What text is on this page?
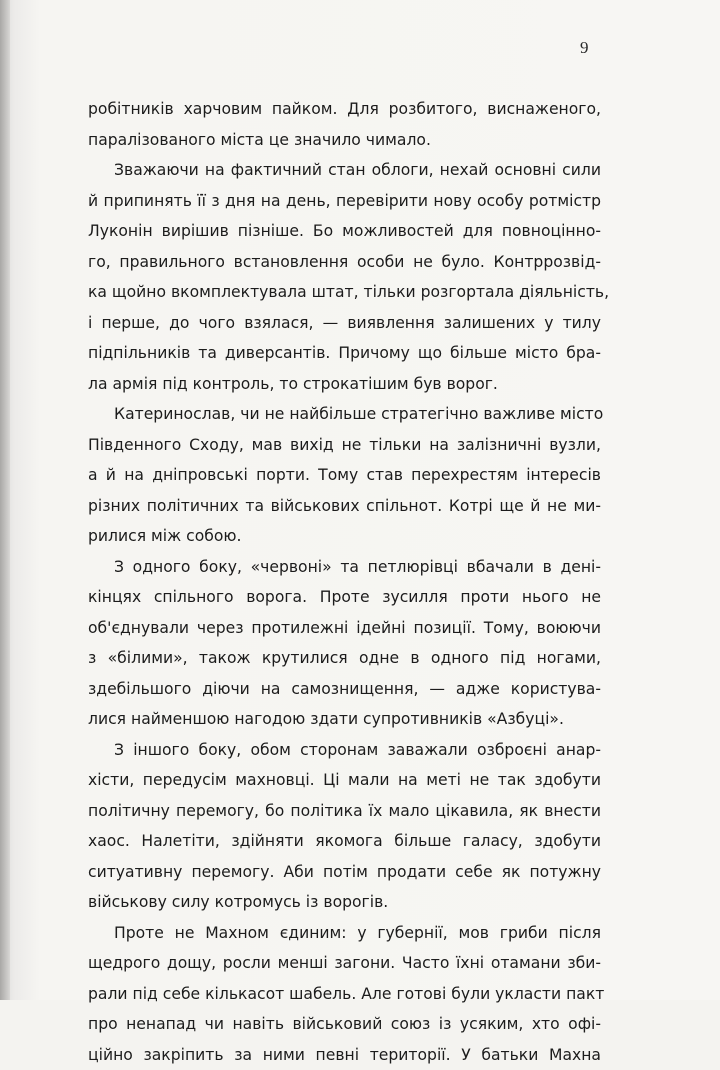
9
робітників харчовим пайком. Для розбитого, виснаженого,
паралізованого міста це значило чимало.
Зважаючи на фактичний стан облоги, нехай основні сили
й припинять її з дня на день, перевірити нову особу ротмістр
Луконін вирішив пізніше. Бо можливостей для повноцінно-
го, правильного встановлення особи не було. Контррозвід-
ка щойно вкомплектувала штат, тільки розгортала діяльність,
і перше, до чого взялася, — виявлення залишених у тилу
підпільників та диверсантів. Причому що більше місто бра-
ла армія під контроль, то строкатішим був ворог.
Катеринослав, чи не найбільше стратегічно важливе місто
Південного Сходу, мав вихід не тільки на залізничні вузли,
а й на дніпровські порти. Тому став перехрестям інтересів
різних політичних та військових спільнот. Котрі ще й не ми-
рилися між собою.
З одного боку, «червоні» та петлюрівці вбачали в дені-
кінцях спільного ворога. Проте зусилля проти нього не
об'єднували через протилежні ідейні позиції. Тому, воюючи
з «білими», також крутилися одне в одного під ногами,
здебільшого діючи на самознищення, — адже користува-
лися найменшою нагодою здати супротивників «Азбуці».
З іншого боку, обом сторонам заважали озброєні анар-
хісти, передусім махновці. Ці мали на меті не так здобути
політичну перемогу, бо політика їх мало цікавила, як внести
хаос. Налетіти, здійняти якомога більше галасу, здобути
ситуативну перемогу. Аби потім продати себе як потужну
військову силу котромусь із ворогів.
Проте не Махном єдиним: у губернії, мов гриби після
щедрого дощу, росли менші загони. Часто їхні отамани зби-
рали під себе кількасот шабель. Але готові були укласти пакт
про ненапад чи навіть військовий союз із усяким, хто офі-
ційно закріпить за ними певні території. У батьки Махна
